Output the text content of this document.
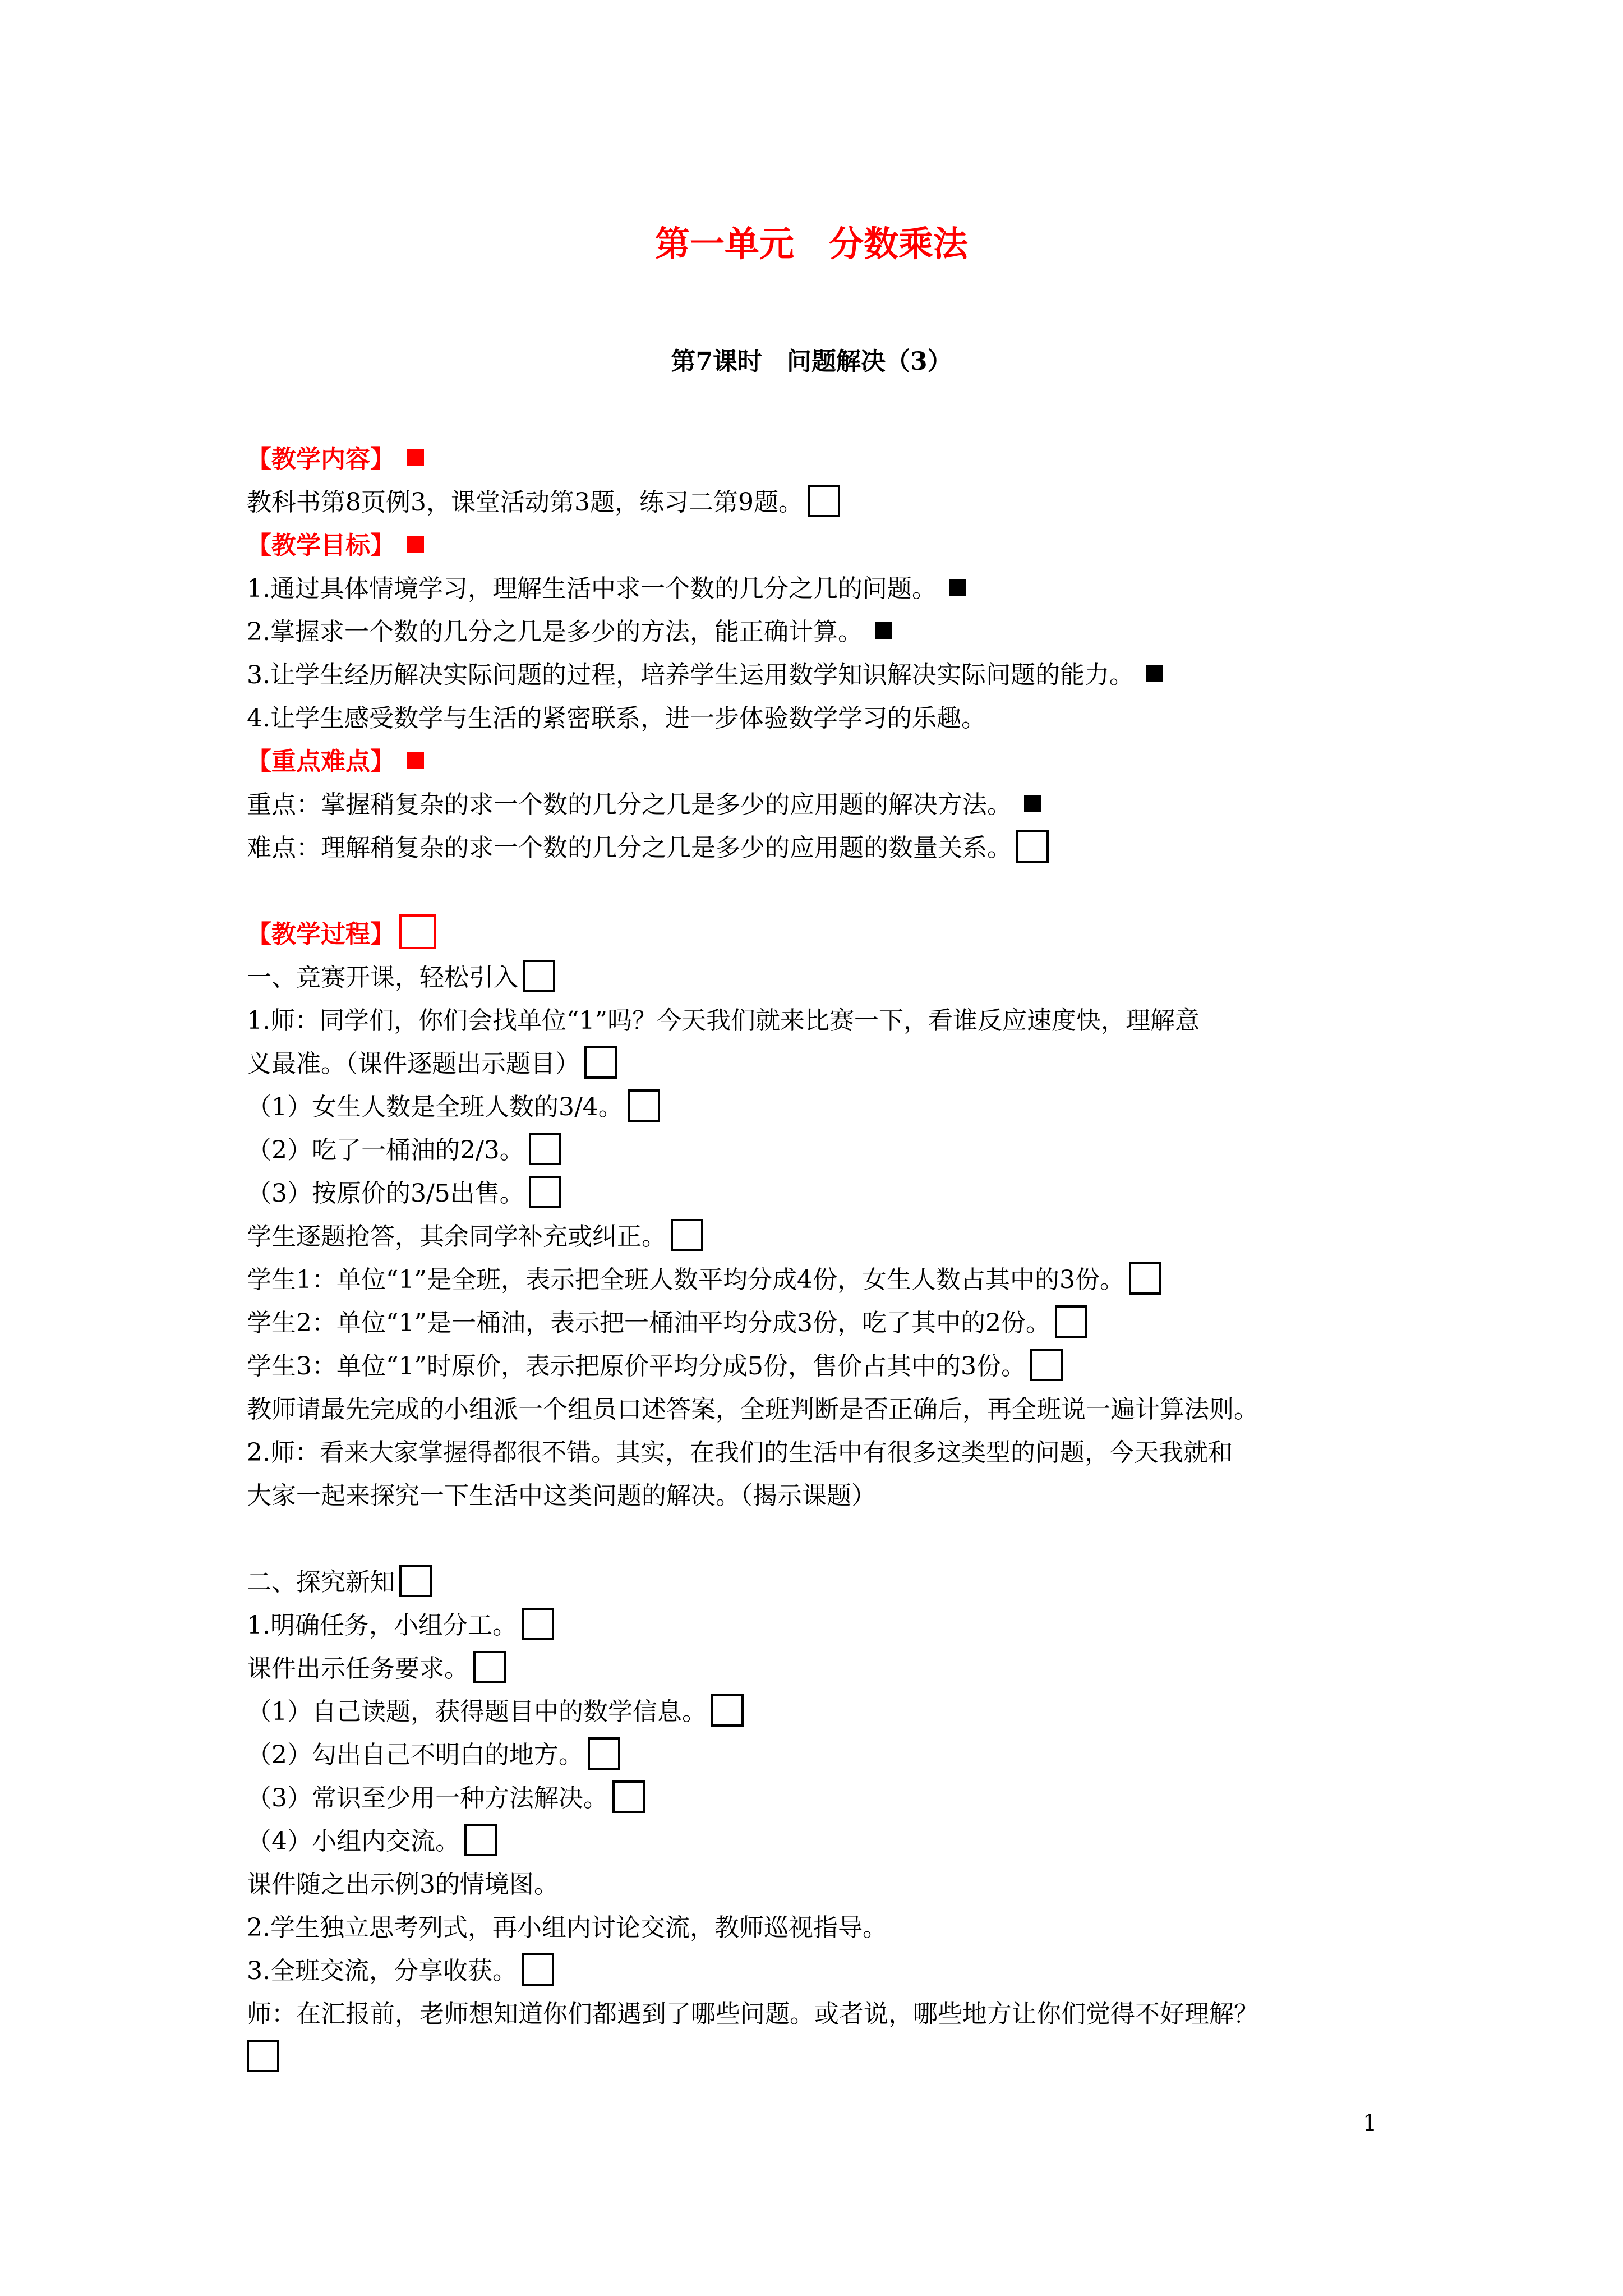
第一单元　分数乘法
第7课时　问题解决（3）
【教学内容】
教科书第8页例3，课堂活动第3题，练习二第9题。
【教学目标】
1.通过具体情境学习，理解生活中求一个数的几分之几的问题。
2.掌握求一个数的几分之几是多少的方法，能正确计算。
3.让学生经历解决实际问题的过程，培养学生运用数学知识解决实际问题的能力。
4.让学生感受数学与生活的紧密联系，进一步体验数学学习的乐趣。
【重点难点】
重点：掌握稍复杂的求一个数的几分之几是多少的应用题的解决方法。
难点：理解稍复杂的求一个数的几分之几是多少的应用题的数量关系。
【教学过程】
一、竞赛开课，轻松引入
1.师：同学们，你们会找单位“1”吗？今天我们就来比赛一下，看谁反应速度快，理解意
义最准。（课件逐题出示题目）
（1）女生人数是全班人数的3/4。
（2）吃了一桶油的2/3。
（3）按原价的3/5出售。
学生逐题抢答，其余同学补充或纠正。
学生1：单位“1”是全班，表示把全班人数平均分成4份，女生人数占其中的3份。
学生2：单位“1”是一桶油，表示把一桶油平均分成3份，吃了其中的2份。
学生3：单位“1”时原价，表示把原价平均分成5份，售价占其中的3份。
教师请最先完成的小组派一个组员口述答案，全班判断是否正确后，再全班说一遍计算法则。
2.师：看来大家掌握得都很不错。其实，在我们的生活中有很多这类型的问题，今天我就和
大家一起来探究一下生活中这类问题的解决。（揭示课题）
二、探究新知
1.明确任务，小组分工。
课件出示任务要求。
（1）自己读题，获得题目中的数学信息。
（2）勾出自己不明白的地方。
（3）常识至少用一种方法解决。
（4）小组内交流。
课件随之出示例3的情境图。
2.学生独立思考列式，再小组内讨论交流，教师巡视指导。
3.全班交流，分享收获。
师：在汇报前，老师想知道你们都遇到了哪些问题。或者说，哪些地方让你们觉得不好理解？
1
